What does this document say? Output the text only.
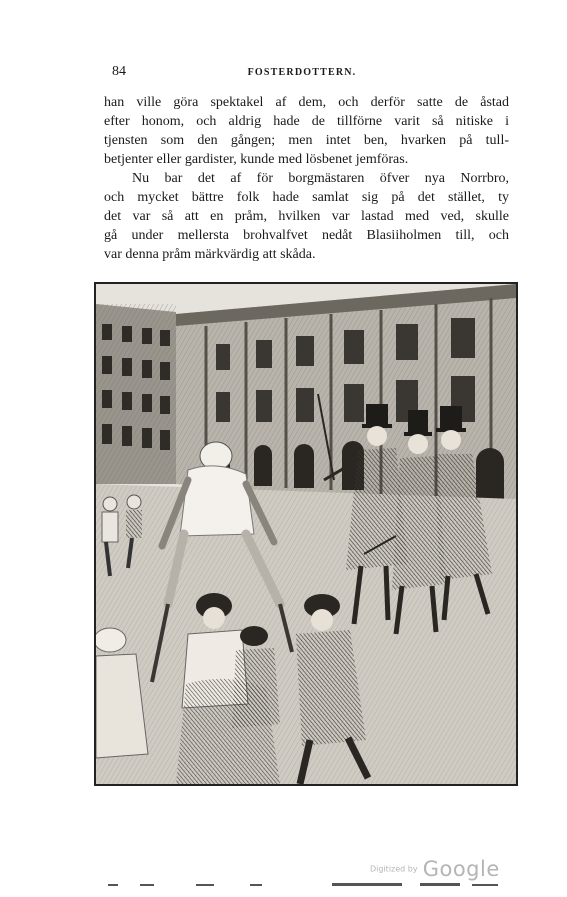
84	FOSTERDOTTERN.

han ville göra spektakel af dem, och derför satte de åstad
efter honom, och aldrig hade de tillförne varit så nitiske i
tjensten som den gången; men intet ben, hvarken på tull-
betjenter eller gardister, kunde med lösbenet jemföras.

Nu bar det af för borgmästaren öfver nya Norrbro,
och mycket bättre folk hade samlat sig på det stället, ty
det var så att en pråm, hvilken var lastad med ved, skulle
gå under mellersta brohvalfvet nedåt Blasiiholmen till, och
var denna pråm märkvärdig att skåda.

Digitized by Google
